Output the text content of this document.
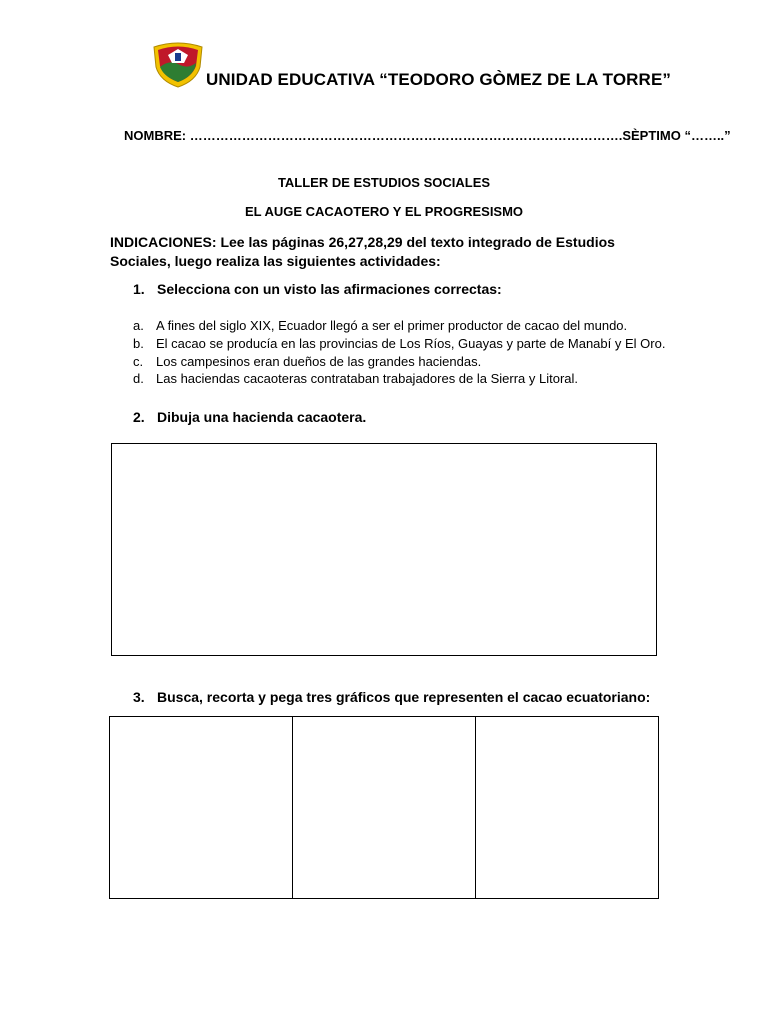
UNIDAD EDUCATIVA “TEODORO GÒMEZ DE LA TORRE”
NOMBRE: ……………………………………………………………………………………….SÈPTIMO “……..”
TALLER DE ESTUDIOS SOCIALES
EL AUGE CACAOTERO Y EL PROGRESISMO
INDICACIONES: Lee las páginas 26,27,28,29 del texto integrado de Estudios Sociales, luego realiza las siguientes actividades:
1. Selecciona con un visto las afirmaciones correctas:
a. A fines del siglo XIX, Ecuador llegó a ser el primer productor de cacao del mundo.
b. El cacao se producía en las provincias de Los Ríos, Guayas y parte de Manabí y El Oro.
c. Los campesinos eran dueños de las grandes haciendas.
d. Las haciendas cacaoteras contrataban trabajadores de la Sierra y Litoral.
2. Dibuja una hacienda cacaotera.
3. Busca, recorta y pega tres gráficos que representen el cacao ecuatoriano:
